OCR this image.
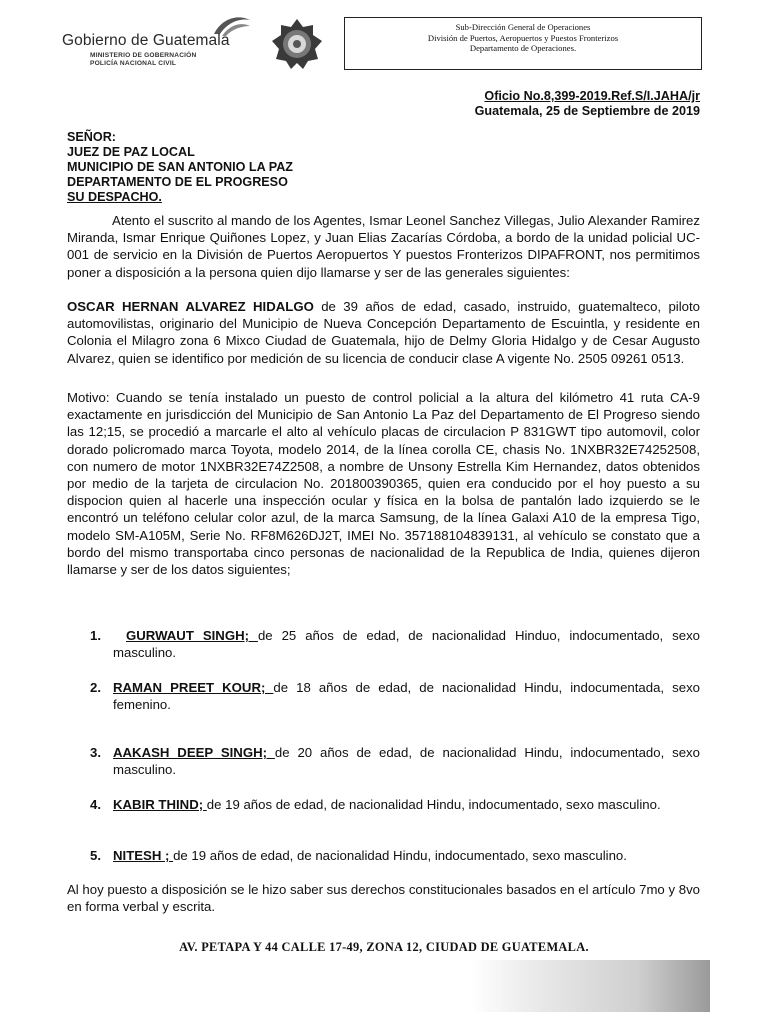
Gobierno de Guatemala
MINISTERIO DE GOBERNACIÓN
POLICÍA NACIONAL CIVIL
Sub-Dirección General de Operaciones
División de Puertos, Aeropuertos y Puestos Fronterizos
Departamento de Operaciones.
Oficio No.8,399-2019.Ref.S/I.JAHA/jr
Guatemala, 25 de Septiembre de 2019
SEÑOR:
JUEZ DE PAZ LOCAL
MUNICIPIO DE SAN ANTONIO LA PAZ
DEPARTAMENTO DE EL PROGRESO
SU DESPACHO.

Atento el suscrito al mando de los Agentes, Ismar Leonel Sanchez Villegas, Julio Alexander Ramirez Miranda, Ismar Enrique Quiñones Lopez, y Juan Elias Zacarías Córdoba, a bordo de la unidad policial UC-001 de servicio en la División de Puertos Aeropuertos Y puestos Fronterizos DIPAFRONT, nos permitimos poner a disposición a la persona quien dijo llamarse y ser de las generales siguientes:

OSCAR HERNAN ALVAREZ HIDALGO de 39 años de edad, casado, instruido, guatemalteco, piloto automovilistas, originario del Municipio de Nueva Concepción Departamento de Escuintla, y residente en Colonia el Milagro zona 6 Mixco Ciudad de Guatemala, hijo de Delmy Gloria Hidalgo y de Cesar Augusto Alvarez, quien se identifico por medición de su licencia de conducir clase A vigente No. 2505 09261 0513.

Motivo: Cuando se tenía instalado un puesto de control policial a la altura del kilómetro 41 ruta CA-9 exactamente en jurisdicción del Municipio de San Antonio La Paz del Departamento de El Progreso siendo las 12;15, se procedió a marcarle el alto al vehículo placas de circulacion P 831GWT tipo automovil, color dorado policromado marca Toyota, modelo 2014, de la línea corolla CE, chasis No. 1NXBR32E74252508, con numero de motor 1NXBR32E74Z2508, a nombre de Unsony Estrella Kim Hernandez, datos obtenidos por medio de la tarjeta de circulacion No. 201800390365, quien era conducido por el hoy puesto a su dispocion quien al hacerle una inspección ocular y física en la bolsa de pantalón lado izquierdo se le encontró un teléfono celular color azul, de la marca Samsung, de la línea Galaxi A10 de la empresa Tigo, modelo SM-A105M, Serie No. RF8M626DJ2T, IMEI No. 357188104839131, al vehículo se constato que a bordo del mismo transportaba cinco personas de nacionalidad de la Republica de India, quienes dijeron llamarse y ser de los datos siguientes;

1.	GURWAUT SINGH; de 25 años de edad, de nacionalidad Hinduo, indocumentado, sexo masculino.
2. RAMAN PREET KOUR; de 18 años de edad, de nacionalidad Hindu, indocumentada, sexo femenino.
3. AAKASH DEEP SINGH; de 20 años de edad, de nacionalidad Hindu, indocumentado, sexo masculino.
4. KABIR THIND; de 19 años de edad, de nacionalidad Hindu, indocumentado, sexo masculino.
5. NITESH ; de 19 años de edad, de nacionalidad Hindu, indocumentado, sexo masculino.

Al hoy puesto a disposición se le hizo saber sus derechos constitucionales basados en el artículo 7mo y 8vo en forma verbal y escrita.

AV. PETAPA Y 44 CALLE 17-49, ZONA 12, CIUDAD DE GUATEMALA.
